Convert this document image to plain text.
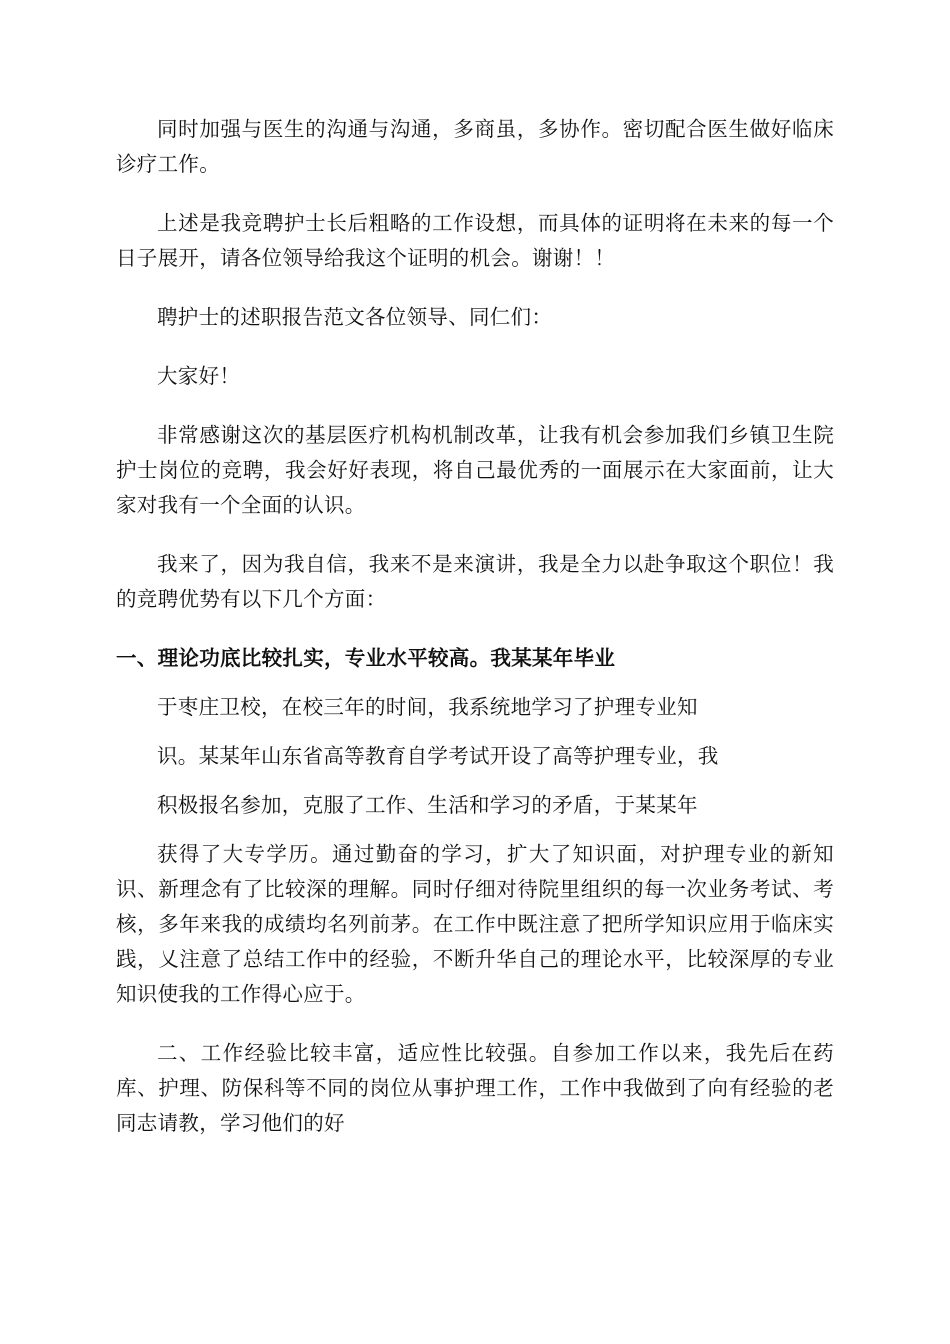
同时加强与医生的沟通与沟通，多商虽，多协作。密切配合医生做好临床诊疗工作。

上述是我竞聘护士长后粗略的工作设想，而具体的证明将在未来的每一个日子展开，请各位领导给我这个证明的机会。谢谢！！

聘护士的述职报告范文各位领导、同仁们：

大家好！

非常感谢这次的基层医疗机构机制改革，让我有机会参加我们乡镇卫生院护士岗位的竞聘，我会好好表现，将自己最优秀的一面展示在大家面前，让大家对我有一个全面的认识。

我来了，因为我自信，我来不是来演讲，我是全力以赴争取这个职位！我的竞聘优势有以下几个方面：

一、理论功底比较扎实，专业水平较高。我某某年毕业

于枣庄卫校，在校三年的时间，我系统地学习了护理专业知

识。某某年山东省高等教育自学考试开设了高等护理专业，我

积极报名参加，克服了工作、生活和学习的矛盾，于某某年

获得了大专学历。通过勤奋的学习，扩大了知识面，对护理专业的新知识、新理念有了比较深的理解。同时仔细对待院里组织的每一次业务考试、考核，多年来我的成绩均名列前茅。在工作中既注意了把所学知识应用于临床实践，乂注意了总结工作中的经验，不断升华自己的理论水平，比较深厚的专业知识使我的工作得心应于。

二、工作经验比较丰富，适应性比较强。自参加工作以来，我先后在药库、护理、防保科等不同的岗位从事护理工作，工作中我做到了向有经验的老同志请教，学习他们的好
